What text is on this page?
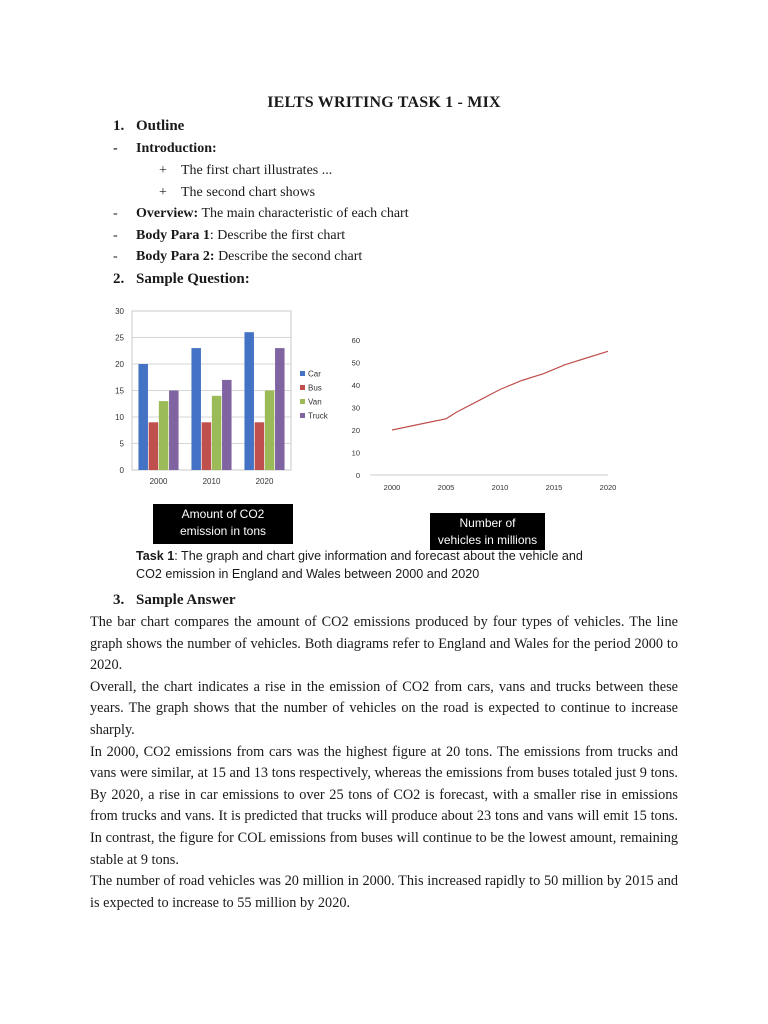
IELTS WRITING TASK 1 - MIX
1. Outline
- Introduction:
+ The first chart illustrates ...
+ The second chart shows
- Overview: The main characteristic of each chart
- Body Para 1: Describe the first chart
- Body Para 2: Describe the second chart
2. Sample Question:
0
5
10
15
20
25
30
2000	2010	2020
Car
Bus
Van
Truck
0
10
20
30
40
50
60
2000	2005	2010	2015	2020
Amount of CO2
emission in tons
Number of
vehicles in millions
Task 1: The graph and chart give information and forecast about the vehicle and
CO2 emission in England and Wales between 2000 and 2020
3. Sample Answer

The bar chart compares the amount of CO2 emissions produced by four types of vehicles. The line graph shows the number of vehicles. Both diagrams refer to England and Wales for the period 2000 to 2020.

Overall, the chart indicates a rise in the emission of CO2 from cars, vans and trucks between these years. The graph shows that the number of vehicles on the road is expected to continue to increase sharply.

In 2000, CO2 emissions from cars was the highest figure at 20 tons. The emissions from trucks and vans were similar, at 15 and 13 tons respectively, whereas the emissions from buses totaled just 9 tons. By 2020, a rise in car emissions to over 25 tons of CO2 is forecast, with a smaller rise in emissions from trucks and vans. It is predicted that trucks will produce about 23 tons and vans will emit 15 tons. In contrast, the figure for COL emissions from buses will continue to be the lowest amount, remaining stable at 9 tons.

The number of road vehicles was 20 million in 2000. This increased rapidly to 50 million by 2015 and is expected to increase to 55 million by 2020.
